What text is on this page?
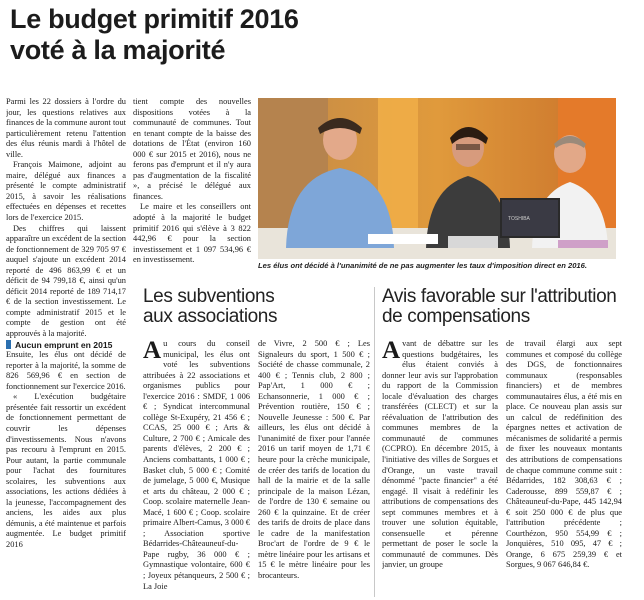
Le budget primitif 2016
voté à la majorité

Parmi les 22 dossiers à l'ordre du jour, les questions relatives aux finances de la commune auront tout particulièrement retenu l'attention des élus réunis mardi à l'hôtel de ville.

François Maimone, adjoint au maire, délégué aux finances a présenté le compte administratif 2015, à savoir les réalisations effectuées en dépenses et recettes lors de l'exercice 2015.

Des chiffres qui laissent apparaître un excédent de la section de fonctionnement de 329 705 97 € auquel s'ajoute un excédent 2014 reporté de 496 863,99 € et un déficit de 94 799,18 €, ainsi qu'un déficit 2014 reporté de 189 714,17 € de la section investissement. Le compte administratif 2015 et le compte de gestion ont été approuvés à la majorité.

Aucun emprunt en 2015

Ensuite, les élus ont décidé de reporter à la majorité, la somme de 826 569,96 € en section de fonctionnement sur l'exercice 2016.

« L'exécution budgétaire présentée fait ressortir un excédent de fonctionnement permettant de couvrir les dépenses d'investissements. Nous n'avons pas recouru à l'emprunt en 2015. Pour autant, la partie communale pour l'achat des fournitures scolaires, les subventions aux associations, les actions dédiées à la jeunesse, l'accompagnement des anciens, les aides aux plus démunis, a été maintenue et parfois augmentée. Le budget primitif 2016

tient compte des nouvelles dispositions votées à la communauté de communes. Tout en tenant compte de la baisse des dotations de l'État (environ 160 000 € sur 2015 et 2016), nous ne ferons pas d'emprunt et il n'y aura pas d'augmentation de la fiscalité », a précisé le délégué aux finances.

Le maire et les conseillers ont adopté à la majorité le budget primitif 2016 qui s'élève à 3 822 442,96 € pour la section investissement et 1 097 534,96 € en investissement.

TOSHIBA
Les élus ont décidé à l'unanimité de ne pas augmenter les taux d'imposition direct en 2016.
Les subventions
aux associations

Au cours du conseil municipal, les élus ont voté les subventions attribuées à 22 associations et organismes publics pour l'exercice 2016 : SMDF, 1 006 € ; Syndicat intercommunal collège St-Exupéry, 21 456 € ; CCAS, 25 000 € ; Arts & Culture, 2 700 € ; Amicale des parents d'élèves, 2 200 € ; Anciens combattants, 1 000 € ; Basket club, 5 000 € ; Comité de jumelage, 5 000 €, Musique et arts du château, 2 000 € ; Coop. scolaire maternelle Jean-Macé, 1 600 € ; Coop. scolaire primaire Albert-Camus, 3 000 € ; Association sportive Bédarrides-Châteauneuf-du-Pape rugby, 36 000 € ; Gymnastique volontaire, 600 € ; Joyeux pétanqueurs, 2 500 € ; La Joie

de Vivre, 2 500 € ; Les Signaleurs du sport, 1 500 € ; Société de chasse communale, 2 400 € ; Tennis club, 2 800 ; Pap'Art, 1 000 € ; Echansonnerie, 1 000 € ; Prévention routière, 150 € ; Nouvelle Jeunesse : 500 €. Par ailleurs, les élus ont décidé à l'unanimité de fixer pour l'année 2016 un tarif moyen de 1,71 € heure pour la crèche municipale, de créer des tarifs de location du hall de la mairie et de la salle principale de la maison Lézan, de l'ordre de 130 € semaine ou 260 € la quinzaine. Et de créer des tarifs de droits de place dans le cadre de la manifestation Broc'art de l'ordre de 9 € le mètre linéaire pour les artisans et 15 € le mètre linéaire pour les brocanteurs.

Avis favorable sur l'attribution
de compensations

Avant de débattre sur les questions budgétaires, les élus étaient conviés à donner leur avis sur l'approbation du rapport de la Commission locale d'évaluation des charges transférées (CLECT) et sur la réévaluation de l'attribution des communes membres de la communauté de communes (CCPRO). En décembre 2015, à l'initiative des villes de Sorgues et d'Orange, un vaste travail dénommé "pacte financier" a été engagé. Il visait à redéfinir les attributions de compensations des sept communes membres et à trouver une solution équitable, consensuelle et pérenne permettant de poser le socle la communauté de communes. Dès janvier, un groupe

de travail élargi aux sept communes et composé du collège des DGS, de fonctionnaires communaux (responsables financiers) et de membres communautaires élus, a été mis en place. Ce nouveau plan assis sur un calcul de redéfinition des épargnes nettes et activation de mécanismes de solidarité a permis de fixer les nouveaux montants des attributions de compensations de chaque commune comme suit : Bédarrides, 182 308,63 € ; Caderousse, 899 559,87 € ; Châteauneuf-du-Pape, 445 142,94 € soit 250 000 € de plus que l'attribution précédente ; Courthézon, 950 554,99 € ; Jonquières, 510 095, 47 € ; Orange, 6 675 259,39 € et Sorgues, 9 067 646,84 €.
